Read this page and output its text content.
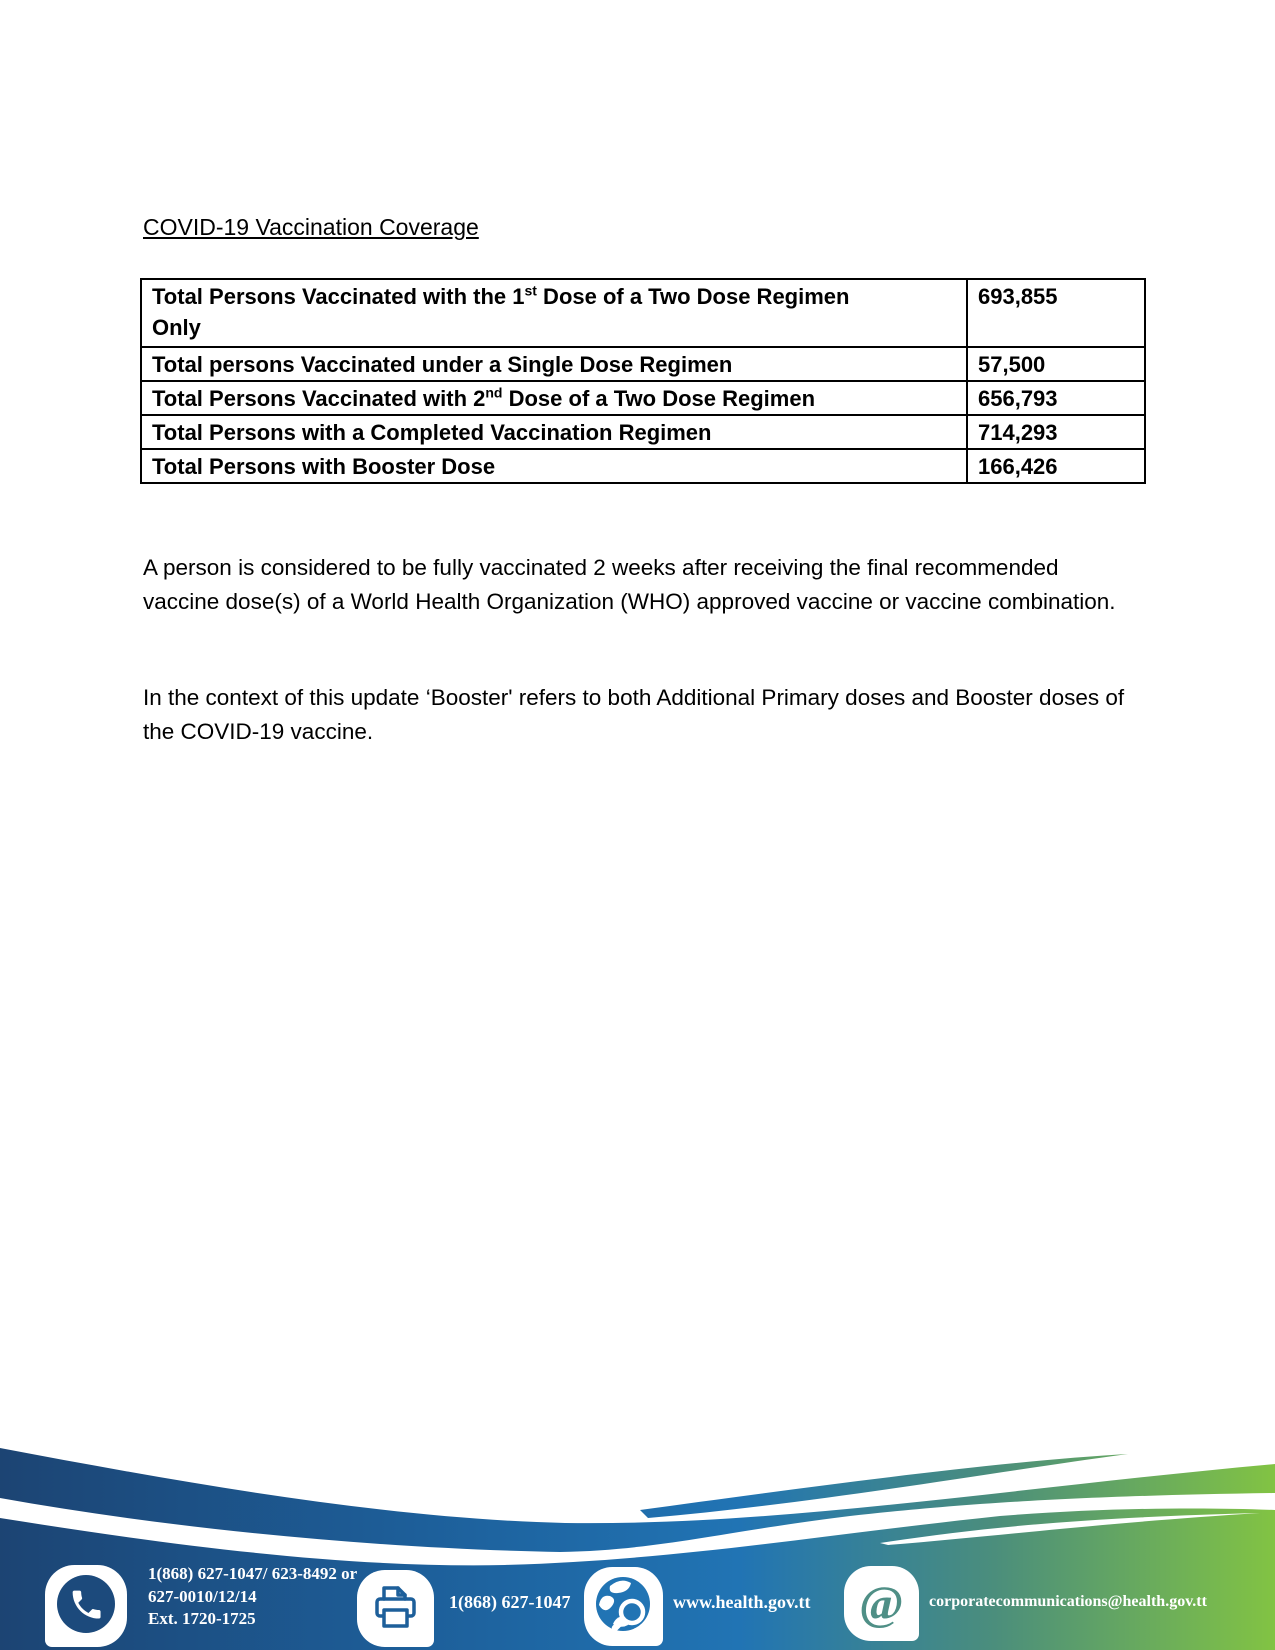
COVID-19 Vaccination Coverage
Total Persons Vaccinated with the 1st Dose of a Two Dose Regimen Only	693,855

Total persons Vaccinated under a Single Dose Regimen	57,500

Total Persons Vaccinated with 2nd Dose of a Two Dose Regimen	656,793

Total Persons with a Completed Vaccination Regimen	714,293

Total Persons with Booster Dose	166,426

A person is considered to be fully vaccinated 2 weeks after receiving the final recommended vaccine dose(s) of a World Health Organization (WHO) approved vaccine or vaccine combination.

In the context of this update ‘Booster' refers to both Additional Primary doses and Booster doses of the COVID-19 vaccine.

1(868) 627-1047/ 623-8492 or
627-0010/12/14
Ext. 1720-1725
1(868) 627-1047	www.health.gov.tt @ corporatecommunications@health.gov.tt
